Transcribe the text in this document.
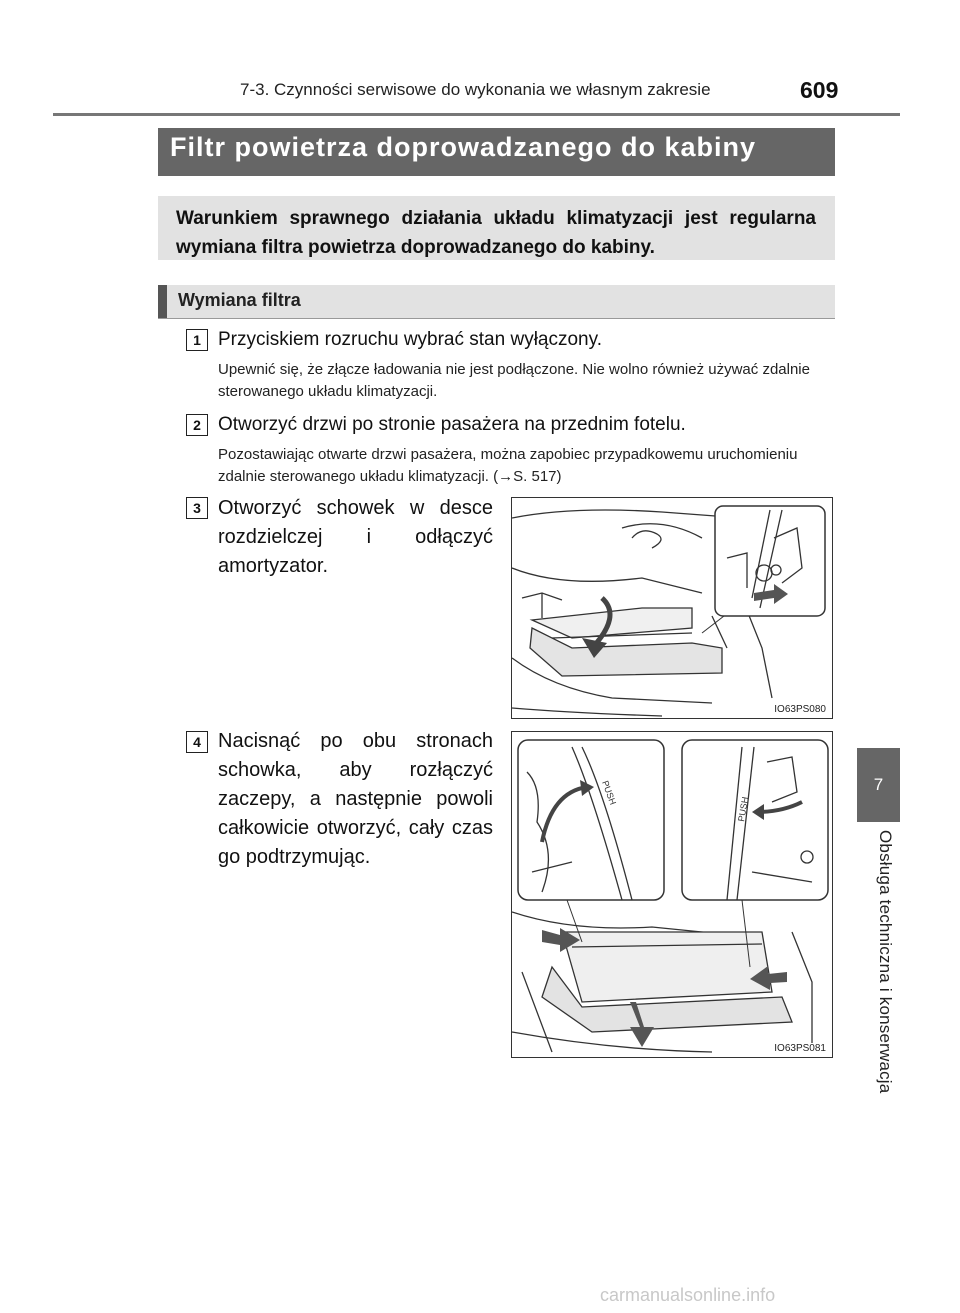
7-3. Czynności serwisowe do wykonania we własnym zakresie	609
7
Obsługa techniczna i konserwacja
Filtr powietrza doprowadzanego do kabiny
Warunkiem sprawnego działania układu klimatyzacji jest regularna wymiana filtra powietrza doprowadzanego do kabiny.
Wymiana filtra
1 Przyciskiem rozruchu wybrać stan wyłączony.
Upewnić się, że złącze ładowania nie jest podłączone. Nie wolno również używać zdalnie sterowanego układu klimatyzacji.
2 Otworzyć drzwi po stronie pasażera na przednim fotelu.
Pozostawiając otwarte drzwi pasażera, można zapobiec przypadkowemu uruchomieniu zdalnie sterowanego układu klimatyzacji. (→S. 517)
3 Otworzyć schowek w desce rozdzielczej i odłączyć amortyzator.
IO63PS080
4 Nacisnąć po obu stronach schowka, aby rozłączyć zaczepy, a następnie powoli całkowicie otworzyć, cały czas go podtrzymując.
PUSH
PUSH
IO63PS081
carmanualsonline.info
